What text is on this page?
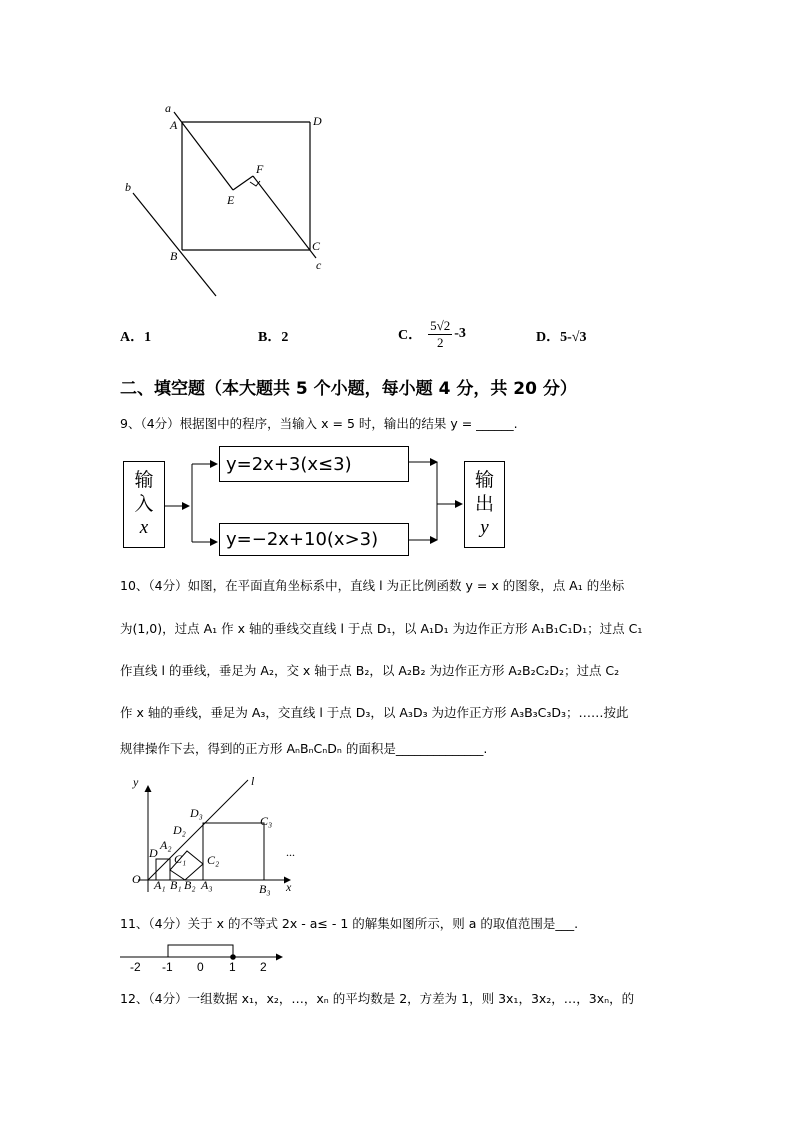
a
A	D
b
E
F
B
C
c
A．1	B．2	C． $\frac{5√2}{2} -3$	D．5-√3
二、填空题（本大题共 5 个小题，每小题 4 分，共 20 分）
9、（4分）根据图中的程序，当输入 x = 5 时，输出的结果 y = ______.
输
入
x
y=2x+3(x≤3)
y=−2x+10(x>3)
输
出
y
10、（4分）如图，在平面直角坐标系中，直线 l 为正比例函数 y = x 的图象，点 A₁ 的坐标
为(1,0)，过点 A₁ 作 x 轴的垂线交直线 l 于点 D₁，以 A₁D₁ 为边作正方形 A₁B₁C₁D₁；过点 C₁
作直线 l 的垂线，垂足为 A₂，交 x 轴于点 B₂，以 A₂B₂ 为边作正方形 A₂B₂C₂D₂；过点 C₂
作 x 轴的垂线，垂足为 A₃，交直线 l 于点 D₃，以 A₃D₃ 为边作正方形 A₃B₃C₃D₃；……按此
规律操作下去，得到的正方形 AₙBₙCₙDₙ 的面积是______________.
y	l
D₃
C₃
D₂
A₂
D C₁ C₂
...
O A₁ B₁ B₂ A₃	B₃ x
11、（4分）关于 x 的不等式 2x - a≤ - 1 的解集如图所示，则 a 的取值范围是___.
-2 -1 0 1 2
12、（4分）一组数据 x₁，x₂，…，xₙ 的平均数是 2，方差为 1，则 3x₁，3x₂，…，3xₙ，的
